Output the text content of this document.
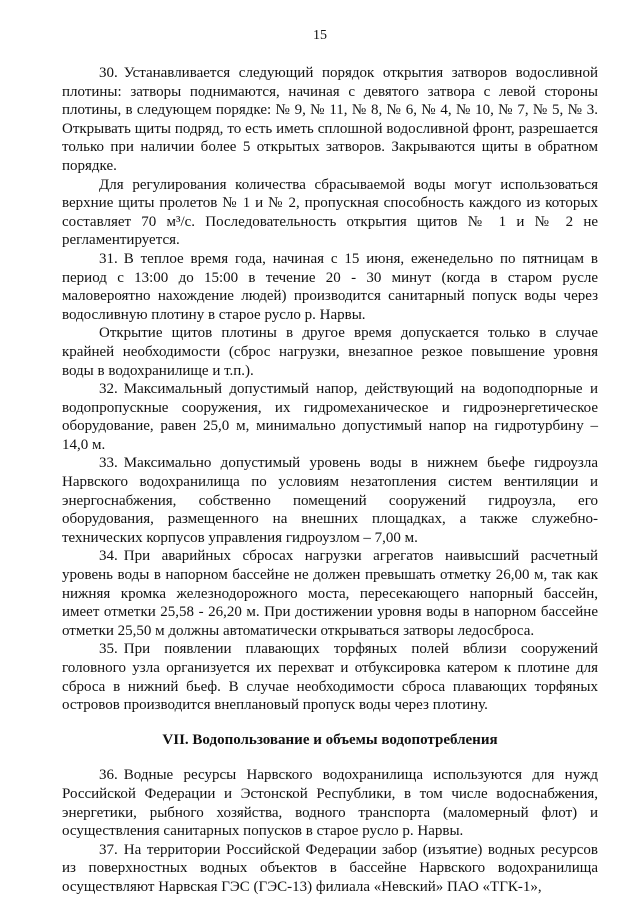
15

30. Устанавливается следующий порядок открытия затворов водосливной плотины: затворы поднимаются, начиная с девятого затвора с левой стороны плотины, в следующем порядке: № 9, № 11, № 8, № 6, № 4, № 10, № 7, № 5, № 3. Открывать щиты подряд, то есть иметь сплошной водосливной фронт, разрешается только при наличии более 5 открытых затворов. Закрываются щиты в обратном порядке.

Для регулирования количества сбрасываемой воды могут использоваться верхние щиты пролетов № 1 и № 2, пропускная способность каждого из которых составляет 70 м³/с. Последовательность открытия щитов № 1 и № 2 не регламентируется.

31. В теплое время года, начиная с 15 июня, еженедельно по пятницам в период с 13:00 до 15:00 в течение 20 - 30 минут (когда в старом русле маловероятно нахождение людей) производится санитарный попуск воды через водосливную плотину в старое русло р. Нарвы.

Открытие щитов плотины в другое время допускается только в случае крайней необходимости (сброс нагрузки, внезапное резкое повышение уровня воды в водохранилище и т.п.).

32. Максимальный допустимый напор, действующий на водоподпорные и водопропускные сооружения, их гидромеханическое и гидроэнергетическое оборудование, равен 25,0 м, минимально допустимый напор на гидротурбину – 14,0 м.

33. Максимально допустимый уровень воды в нижнем бьефе гидроузла Нарвского водохранилища по условиям незатопления систем вентиляции и энергоснабжения, собственно помещений сооружений гидроузла, его оборудования, размещенного на внешних площадках, а также служебно-технических корпусов управления гидроузлом – 7,00 м.

34. При аварийных сбросах нагрузки агрегатов наивысший расчетный уровень воды в напорном бассейне не должен превышать отметку 26,00 м, так как нижняя кромка железнодорожного моста, пересекающего напорный бассейн, имеет отметки 25,58 - 26,20 м. При достижении уровня воды в напорном бассейне отметки 25,50 м должны автоматически открываться затворы ледосброса.

35. При появлении плавающих торфяных полей вблизи сооружений головного узла организуется их перехват и отбуксировка катером к плотине для сброса в нижний бьеф. В случае необходимости сброса плавающих торфяных островов производится внеплановый пропуск воды через плотину.

VII. Водопользование и объемы водопотребления

36. Водные ресурсы Нарвского водохранилища используются для нужд Российской Федерации и Эстонской Республики, в том числе водоснабжения, энергетики, рыбного хозяйства, водного транспорта (маломерный флот) и осуществления санитарных попусков в старое русло р. Нарвы.

37. На территории Российской Федерации забор (изъятие) водных ресурсов из поверхностных водных объектов в бассейне Нарвского водохранилища осуществляют Нарвская ГЭС (ГЭС-13) филиала «Невский» ПАО «ТГК-1»,
